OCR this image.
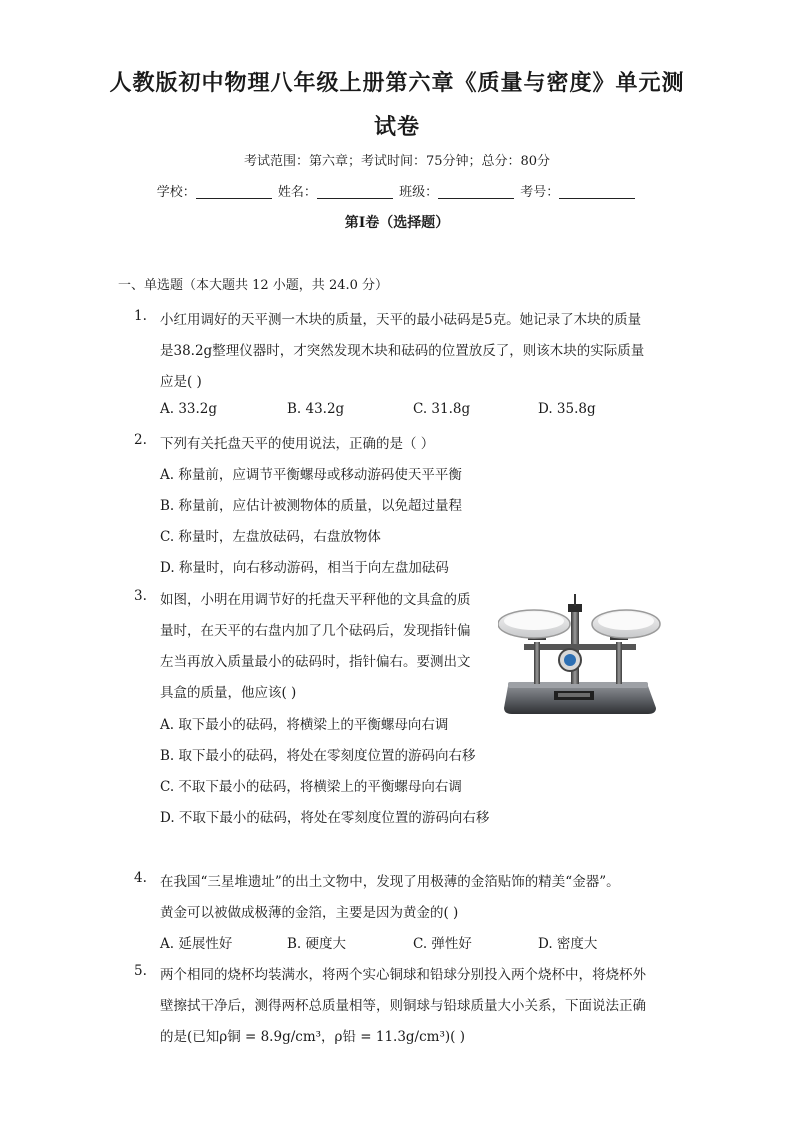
人教版初中物理八年级上册第六章《质量与密度》单元测
试卷
考试范围：第六章；考试时间：75分钟；总分：80分
学校：	姓名：	班级：	考号：
第I卷（选择题）
一、单选题（本大题共 12 小题，共 24.0 分）
1. 小红用调好的天平测一木块的质量，天平的最小砝码是5克。她记录了木块的质量
是38.2g整理仪器时，才突然发现木块和砝码的位置放反了，则该木块的实际质量
应是( )
A. 33.2g	B. 43.2g	C. 31.8g	D. 35.8g
2. 下列有关托盘天平的使用说法，正确的是（ ）
A. 称量前，应调节平衡螺母或移动游码使天平平衡
B. 称量前，应估计被测物体的质量，以免超过量程
C. 称量时，左盘放砝码，右盘放物体
D. 称量时，向右移动游码，相当于向左盘加砝码
3. 如图，小明在用调节好的托盘天平秤他的文具盒的质
量时，在天平的右盘内加了几个砝码后，发现指针偏
左当再放入质量最小的砝码时，指针偏右。要测出文
具盒的质量，他应该( )
A. 取下最小的砝码，将横梁上的平衡螺母向右调
B. 取下最小的砝码，将处在零刻度位置的游码向右移
C. 不取下最小的砝码，将横梁上的平衡螺母向右调
D. 不取下最小的砝码，将处在零刻度位置的游码向右移
4. 在我国“三星堆遗址”的出土文物中，发现了用极薄的金箔贴饰的精美“金器”。
黄金可以被做成极薄的金箔，主要是因为黄金的( )
A. 延展性好	B. 硬度大	C. 弹性好	D. 密度大
5. 两个相同的烧杯均装满水，将两个实心铜球和铅球分别投入两个烧杯中，将烧杯外
壁擦拭干净后，测得两杯总质量相等，则铜球与铅球质量大小关系，下面说法正确
的是(已知ρ铜 = 8.9g/cm³，ρ铅 = 11.3g/cm³)( )
